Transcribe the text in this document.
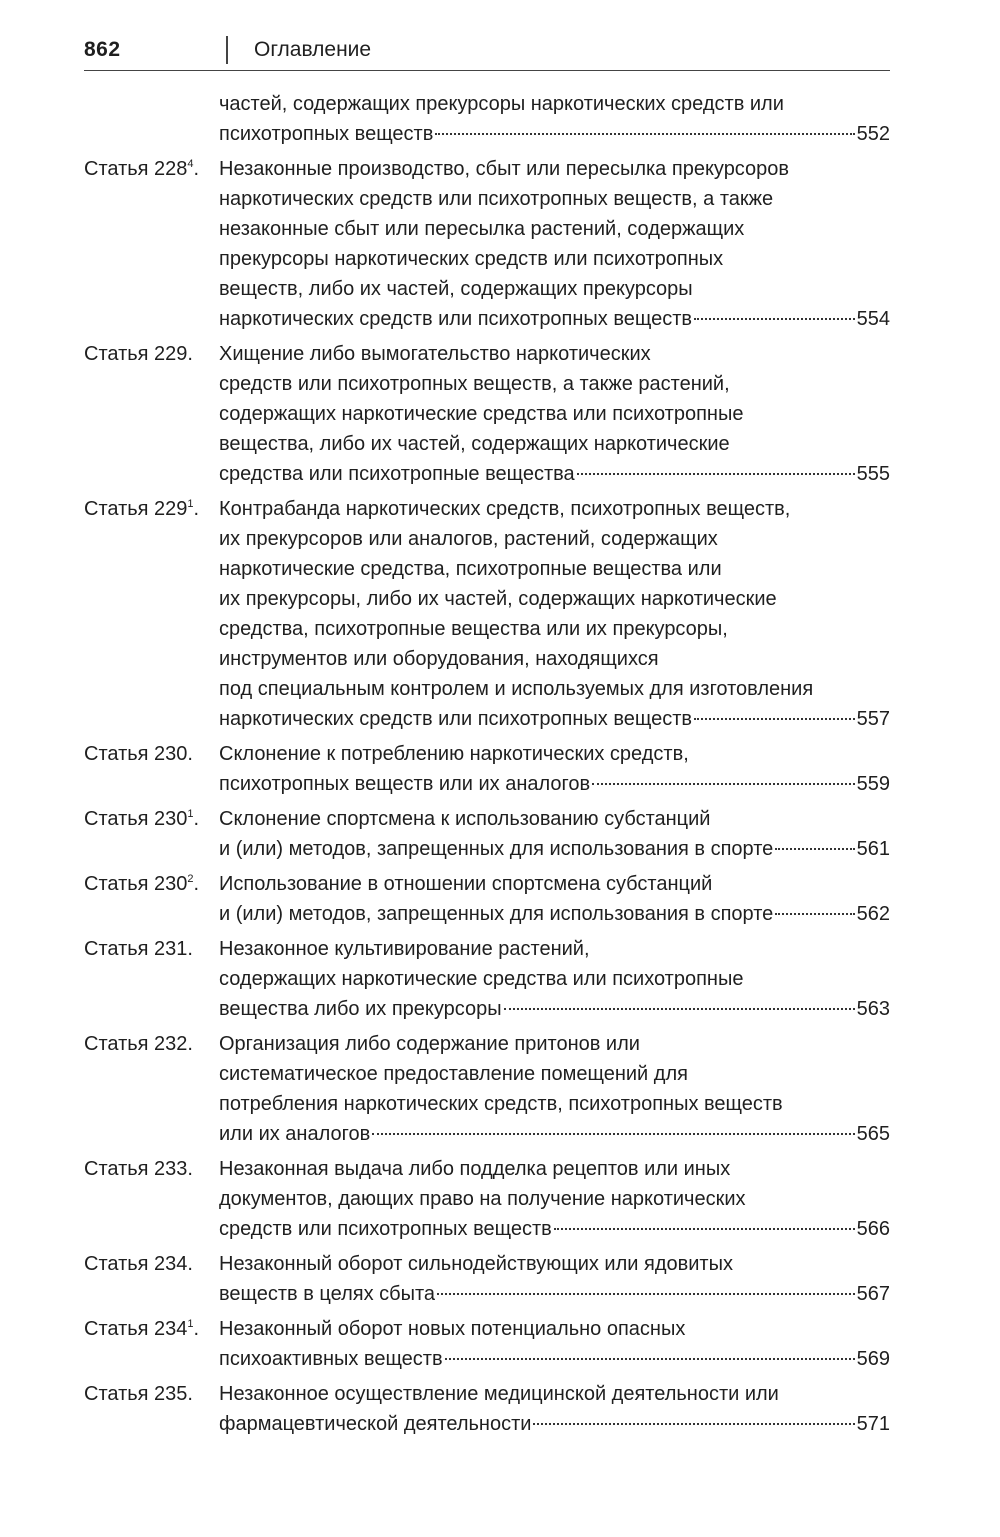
862	Оглавление
частей, содержащих прекурсоры наркотических средств или
психотропных веществ	552
Статья $228^4$. Незаконные производство, сбыт или пересылка прекурсоров
наркотических средств или психотропных веществ, а также
незаконные сбыт или пересылка растений, содержащих
прекурсоры наркотических средств или психотропных
веществ, либо их частей, содержащих прекурсоры
наркотических средств или психотропных веществ	554
Статья 229. Хищение либо вымогательство наркотических
средств или психотропных веществ, а также растений,
содержащих наркотические средства или психотропные
вещества, либо их частей, содержащих наркотические
средства или психотропные вещества	555
Статья $229^1$. Контрабанда наркотических средств, психотропных веществ,
их прекурсоров или аналогов, растений, содержащих
наркотические средства, психотропные вещества или
их прекурсоры, либо их частей, содержащих наркотические
средства, психотропные вещества или их прекурсоры,
инструментов или оборудования, находящихся
под специальным контролем и используемых для изготовления
наркотических средств или психотропных веществ	557
Статья 230. Склонение к потреблению наркотических средств,
психотропных веществ или их аналогов	559
Статья $230^1$. Склонение спортсмена к использованию субстанций
и (или) методов, запрещенных для использования в спорте	561
Статья $230^2$. Использование в отношении спортсмена субстанций
и (или) методов, запрещенных для использования в спорте	562
Статья 231. Незаконное культивирование растений,
содержащих наркотические средства или психотропные
вещества либо их прекурсоры	563
Статья 232. Организация либо содержание притонов или
систематическое предоставление помещений для
потребления наркотических средств, психотропных веществ
или их аналогов	565
Статья 233. Незаконная выдача либо подделка рецептов или иных
документов, дающих право на получение наркотических
средств или психотропных веществ	566
Статья 234. Незаконный оборот сильнодействующих или ядовитых
веществ в целях сбыта	567
Статья $234^1$. Незаконный оборот новых потенциально опасных
психоактивных веществ	569
Статья 235. Незаконное осуществление медицинской деятельности или
фармацевтической деятельности	571
